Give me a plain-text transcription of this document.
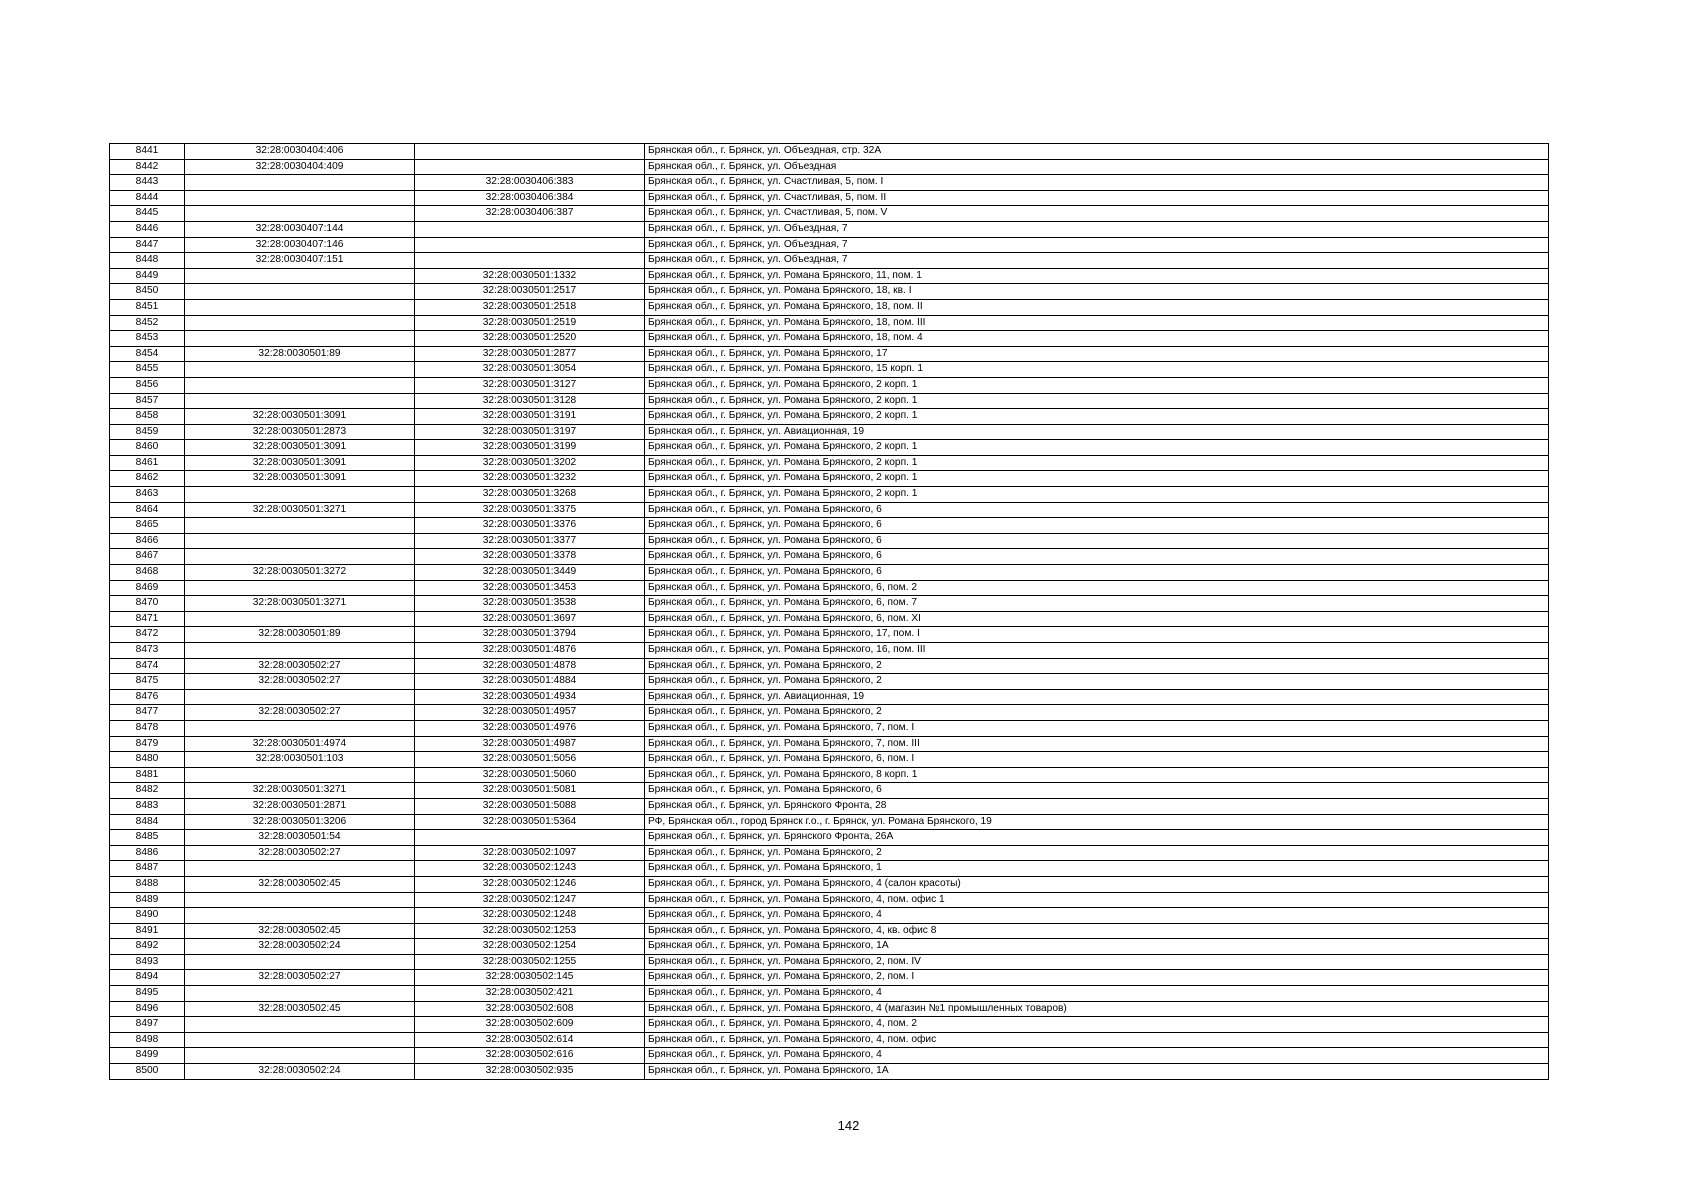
8441	32:28:0030404:406		Брянская обл., г. Брянск, ул. Объездная, стр. 32А
8442	32:28:0030404:409		Брянская обл., г. Брянск, ул. Объездная
8443		32:28:0030406:383	Брянская обл., г. Брянск, ул. Счастливая, 5, пом. I
8444		32:28:0030406:384	Брянская обл., г. Брянск, ул. Счастливая, 5, пом. II
8445		32:28:0030406:387	Брянская обл., г. Брянск, ул. Счастливая, 5, пом. V
8446	32:28:0030407:144		Брянская обл., г. Брянск, ул. Объездная, 7
8447	32:28:0030407:146		Брянская обл., г. Брянск, ул. Объездная, 7
8448	32:28:0030407:151		Брянская обл., г. Брянск, ул. Объездная, 7
8449		32:28:0030501:1332	Брянская обл., г. Брянск, ул. Романа Брянского, 11, пом. 1
8450		32:28:0030501:2517	Брянская обл., г. Брянск, ул. Романа Брянского, 18, кв. I
8451		32:28:0030501:2518	Брянская обл., г. Брянск, ул. Романа Брянского, 18, пом. II
8452		32:28:0030501:2519	Брянская обл., г. Брянск, ул. Романа Брянского, 18, пом. III
8453		32:28:0030501:2520	Брянская обл., г. Брянск, ул. Романа Брянского, 18, пом. 4
8454	32:28:0030501:89	32:28:0030501:2877	Брянская обл., г. Брянск, ул. Романа Брянского, 17
8455		32:28:0030501:3054	Брянская обл., г. Брянск, ул. Романа Брянского, 15 корп. 1
8456		32:28:0030501:3127	Брянская обл., г. Брянск, ул. Романа Брянского, 2 корп. 1
8457		32:28:0030501:3128	Брянская обл., г. Брянск, ул. Романа Брянского, 2 корп. 1
8458	32:28:0030501:3091	32:28:0030501:3191	Брянская обл., г. Брянск, ул. Романа Брянского, 2 корп. 1
8459	32:28:0030501:2873	32:28:0030501:3197	Брянская обл., г. Брянск, ул. Авиационная, 19
8460	32:28:0030501:3091	32:28:0030501:3199	Брянская обл., г. Брянск, ул. Романа Брянского, 2 корп. 1
8461	32:28:0030501:3091	32:28:0030501:3202	Брянская обл., г. Брянск, ул. Романа Брянского, 2 корп. 1
8462	32:28:0030501:3091	32:28:0030501:3232	Брянская обл., г. Брянск, ул. Романа Брянского, 2 корп. 1
8463		32:28:0030501:3268	Брянская обл., г. Брянск, ул. Романа Брянского, 2 корп. 1
8464	32:28:0030501:3271	32:28:0030501:3375	Брянская обл., г. Брянск, ул. Романа Брянского, 6
8465		32:28:0030501:3376	Брянская обл., г. Брянск, ул. Романа Брянского, 6
8466		32:28:0030501:3377	Брянская обл., г. Брянск, ул. Романа Брянского, 6
8467		32:28:0030501:3378	Брянская обл., г. Брянск, ул. Романа Брянского, 6
8468	32:28:0030501:3272	32:28:0030501:3449	Брянская обл., г. Брянск, ул. Романа Брянского, 6
8469		32:28:0030501:3453	Брянская обл., г. Брянск, ул. Романа Брянского, 6, пом. 2
8470	32:28:0030501:3271	32:28:0030501:3538	Брянская обл., г. Брянск, ул. Романа Брянского, 6, пом. 7
8471		32:28:0030501:3697	Брянская обл., г. Брянск, ул. Романа Брянского, 6, пом. XI
8472	32:28:0030501:89	32:28:0030501:3794	Брянская обл., г. Брянск, ул. Романа Брянского, 17, пом. I
8473		32:28:0030501:4876	Брянская обл., г. Брянск, ул. Романа Брянского, 16, пом. III
8474	32:28:0030502:27	32:28:0030501:4878	Брянская обл., г. Брянск, ул. Романа Брянского, 2
8475	32:28:0030502:27	32:28:0030501:4884	Брянская обл., г. Брянск, ул. Романа Брянского, 2
8476		32:28:0030501:4934	Брянская обл., г. Брянск, ул. Авиационная, 19
8477	32:28:0030502:27	32:28:0030501:4957	Брянская обл., г. Брянск, ул. Романа Брянского, 2
8478		32:28:0030501:4976	Брянская обл., г. Брянск, ул. Романа Брянского, 7, пом. I
8479	32:28:0030501:4974	32:28:0030501:4987	Брянская обл., г. Брянск, ул. Романа Брянского, 7, пом. III
8480	32:28:0030501:103	32:28:0030501:5056	Брянская обл., г. Брянск, ул. Романа Брянского, 6, пом. I
8481		32:28:0030501:5060	Брянская обл., г. Брянск, ул. Романа Брянского, 8 корп. 1
8482	32:28:0030501:3271	32:28:0030501:5081	Брянская обл., г. Брянск, ул. Романа Брянского, 6
8483	32:28:0030501:2871	32:28:0030501:5088	Брянская обл., г. Брянск, ул. Брянского Фронта, 28
8484	32:28:0030501:3206	32:28:0030501:5364	РФ, Брянская обл., город Брянск г.о., г. Брянск, ул. Романа Брянского, 19
8485	32:28:0030501:54		Брянская обл., г. Брянск, ул. Брянского Фронта, 26А
8486	32:28:0030502:27	32:28:0030502:1097	Брянская обл., г. Брянск, ул. Романа Брянского, 2
8487		32:28:0030502:1243	Брянская обл., г. Брянск, ул. Романа Брянского, 1
8488	32:28:0030502:45	32:28:0030502:1246	Брянская обл., г. Брянск, ул. Романа Брянского, 4 (салон красоты)
8489		32:28:0030502:1247	Брянская обл., г. Брянск, ул. Романа Брянского, 4, пом. офис 1
8490		32:28:0030502:1248	Брянская обл., г. Брянск, ул. Романа Брянского, 4
8491	32:28:0030502:45	32:28:0030502:1253	Брянская обл., г. Брянск, ул. Романа Брянского, 4, кв. офис 8
8492	32:28:0030502:24	32:28:0030502:1254	Брянская обл., г. Брянск, ул. Романа Брянского, 1А
8493		32:28:0030502:1255	Брянская обл., г. Брянск, ул. Романа Брянского, 2, пом. IV
8494	32:28:0030502:27	32:28:0030502:145	Брянская обл., г. Брянск, ул. Романа Брянского, 2, пом. I
8495		32:28:0030502:421	Брянская обл., г. Брянск, ул. Романа Брянского, 4
8496	32:28:0030502:45	32:28:0030502:608	Брянская обл., г. Брянск, ул. Романа Брянского, 4 (магазин №1 промышленных товаров)
8497		32:28:0030502:609	Брянская обл., г. Брянск, ул. Романа Брянского, 4, пом. 2
8498		32:28:0030502:614	Брянская обл., г. Брянск, ул. Романа Брянского, 4, пом. офис
8499		32:28:0030502:616	Брянская обл., г. Брянск, ул. Романа Брянского, 4
8500	32:28:0030502:24	32:28:0030502:935	Брянская обл., г. Брянск, ул. Романа Брянского, 1А
142
